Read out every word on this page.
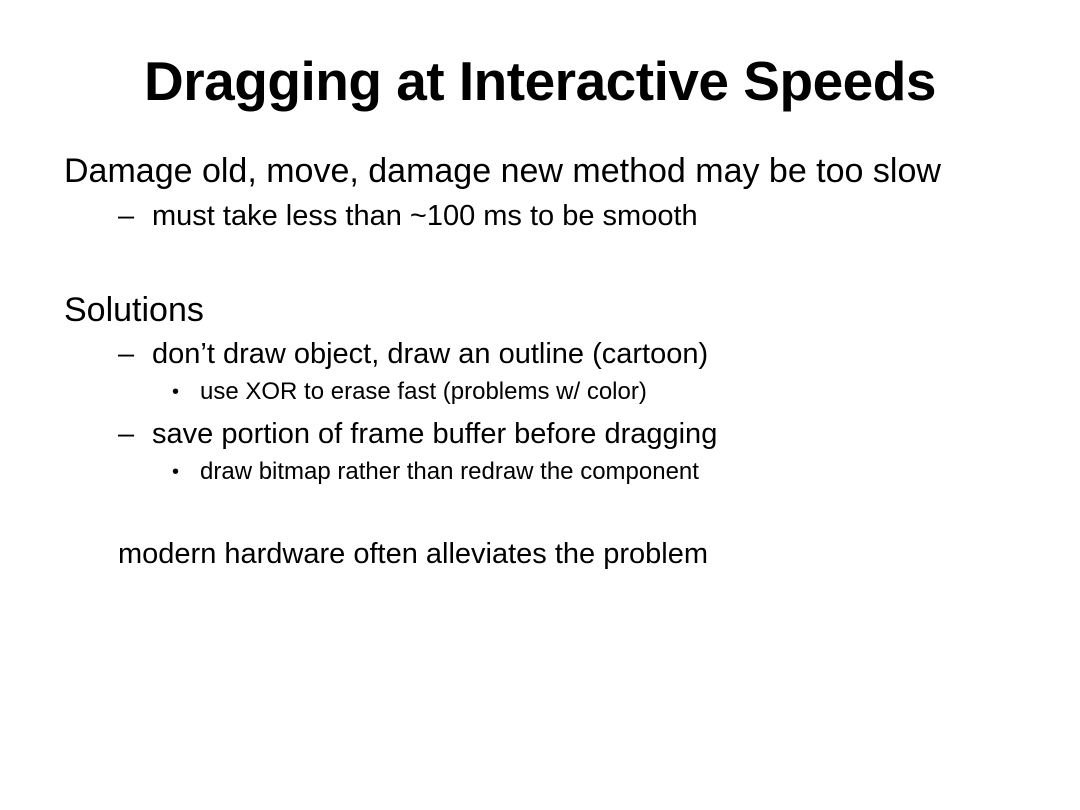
Dragging at Interactive Speeds
Damage old, move, damage new method may be too slow
– must take less than ~100 ms to be smooth
Solutions
– don’t draw object, draw an outline (cartoon)
• use XOR to erase fast (problems w/ color)
– save portion of frame buffer before dragging
• draw bitmap rather than redraw the component
modern hardware often alleviates the problem
